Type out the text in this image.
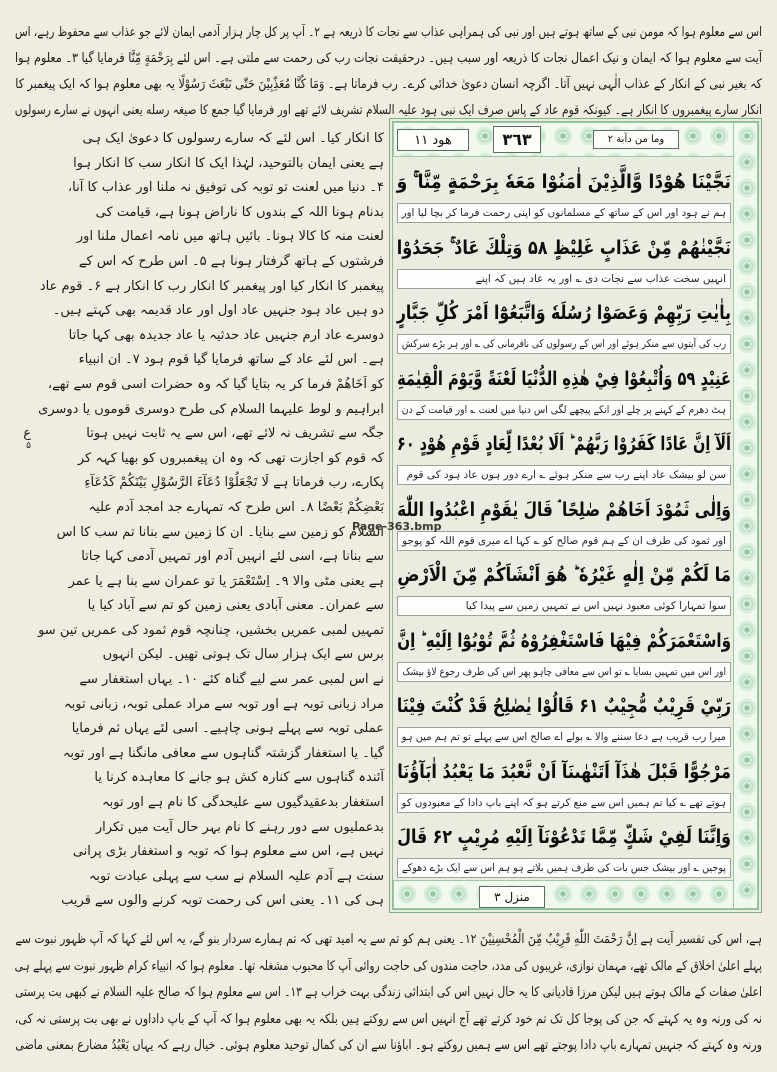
اس سے معلوم ہوا کہ مومن نبی کے ساتھ ہوتے ہیں اور نبی کی ہمراہی عذاب سے نجات کا ذریعہ ہے ۲۔ آپ پر کل چار ہزار آدمی ایمان لائے جو عذاب سے محفوظ رہے، اس
آیت سے معلوم ہوا کہ ایمان و نیک اعمال نجات کا ذریعہ اور سبب ہیں۔ درحقیقت نجات رب کی رحمت سے ملتی ہے۔ اس لئے بِرَحْمَةٍ مِّنَّا فرمایا گیا ۳۔ معلوم ہوا
کہ بغیر نبی کے انکار کے عذاب الٰہی نہیں آتا۔ اگرچہ انسان دعویٰ خدائی کرے۔ رب فرماتا ہے۔ وَمَا كُنَّا مُعَذِّبِيْنَ حَتّٰى نَبْعَثَ رَسُوْلًا یہ بھی معلوم ہوا کہ ایک پیغمبر کا
انکار سارے پیغمبروں کا انکار ہے۔ کیونکہ قوم عاد کے پاس صرف ایک نبی ہود علیہ السلام تشریف لائے تھے اور فرمایا گیا جمع کا صیغہ رسله یعنی انہوں نے سارے رسولوں
کا انکار کیا۔ اس لئے کہ سارے رسولوں کا دعویٰ ایک ہی
ہے یعنی ایمان بالتوحید، لہٰذا ایک کا انکار سب کا انکار ہوا
۴۔ دنیا میں لعنت تو توبہ کی توفیق نہ ملنا اور عذاب کا آنا،
بدنام ہونا اللہ کے بندوں کا ناراض ہونا ہے، قیامت کی
لعنت منہ کا کالا ہونا۔ بائیں ہاتھ میں نامہ اعمال ملنا اور
فرشتوں کے ہاتھ گرفتار ہونا ہے ۵۔ اس طرح کہ اس کے
پیغمبر کا انکار کیا اور پیغمبر کا انکار رب کا انکار ہے ۶۔ قوم عاد
دو ہیں عاد ہود جنہیں عاد اول اور عاد قدیمہ بھی کہتے ہیں۔
دوسرے عاد ارم جنہیں عاد حدثیہ یا عاد جدیدہ بھی کہا جاتا
ہے۔ اس لئے عاد کے ساتھ فرمایا گیا قوم ہود ۷۔ ان انبیاء
کو اَخَاهُمْ فرما کر یہ بتایا گیا کہ وہ حضرات اسی قوم سے تھے،
ابراہیم و لوط علیہما السلام کی طرح دوسری قوموں یا دوسری
جگہ سے تشریف نہ لائے تھے، اس سے یہ ثابت نہیں ہوتا
کہ قوم کو اجازت تھی کہ وہ ان پیغمبروں کو بھیا کہہ کر
پکارے، رب فرماتا ہے لَا تَجْعَلُوْا دُعَآءَ الرَّسُوْلِ بَيْنَكُمْ كَدُعَآءِ
بَعْضِكُمْ بَعْضًا ۸۔ اس طرح کہ تمہارے جد امجد آدم علیہ
السلام کو زمین سے بنایا۔ ان کا زمین سے بنانا تم سب کا اس
سے بنانا ہے، اسی لئے انہیں آدم اور تمہیں آدمی کہا جاتا
ہے یعنی مٹی والا ۹۔ اِسْتَعْمَرَ یا تو عمران سے بنا ہے یا عمر
سے عمران۔ معنی آبادی یعنی زمین کو تم سے آباد کیا یا
تمہیں لمبی عمریں بخشیں، چنانچہ قوم ثمود کی عمریں تین سو
برس سے ایک ہزار سال تک ہوتی تھیں۔ لیکن انہوں
نے اس لمبی عمر سے لیے گناہ کئے ۱۰۔ یہاں استغفار سے
مراد زبانی توبہ ہے اور توبہ سے مراد عملی توبہ، زبانی توبہ
عملی توبہ سے پہلے ہونی چاہیے۔ اسی لئے یہاں ثم فرمایا
گیا۔ یا استغفار گزشتہ گناہوں سے معافی مانگنا ہے اور توبہ
آئندہ گناہوں سے کنارہ کش ہو جانے کا معاہدہ کرنا یا
استغفار بدعقیدگیوں سے علیحدگی کا نام ہے اور توبہ
بدعملیوں سے دور رہنے کا نام بہر حال آیت میں تکرار
نہیں ہے، اس سے معلوم ہوا کہ توبہ و استغفار بڑی پرانی
سنت ہے آدم علیہ السلام نے سب سے پہلی عبادت توبہ
ہی کی ۱۱۔ یعنی اس کی رحمت توبہ کرنے والوں سے قریب
ع
۵
هود ۱۱	٣٦٣	وما من دآبة ۲
نَجَّيْنَا هُوْدًا وَّالَّذِيْنَ اٰمَنُوْا مَعَهٗ بِرَحْمَةٍ مِّنَّا ۚ وَ
ہم نے ہود اور اس کے ساتھ کے مسلمانوں کو اپنی رحمت فرما کر بچا لیا اور
نَجَّيْنٰهُمْ مِّنْ عَذَابٍ غَلِيْظٍ ۵۸ وَتِلْكَ عَادٌ ۚ جَحَدُوْا
انہیں سخت عذاب سے نجات دی ؎ اور یہ عاد ہیں کہ اپنے
بِاٰيٰتِ رَبِّهِمْ وَعَصَوْا رُسُلَهٗ وَاتَّبَعُوْٓا اَمْرَ كُلِّ جَبَّارٍ
رب کی آیتوں سے منکر ہوئے اور اس کے رسولوں کی نافرمانی کی ؎ اور ہر بڑے سرکش
عَنِيْدٍ ۵۹ وَاُتْبِعُوْا فِيْ هٰذِهِ الدُّنْيَا لَعْنَةً وَّيَوْمَ الْقِيٰمَةِ
ہٹ دھرم کے کہنے پر چلے اور انکے پیچھے لگی اس دنیا میں لعنت ؎ اور قیامت کے دن
اَلَآ اِنَّ عَادًا كَفَرُوْا رَبَّهُمْ ؕ اَلَا بُعْدًا لِّعَادٍ قَوْمِ هُوْدٍ ۶۰
سن لو بیشک عاد اپنے رب سے منکر ہوئے ؎ ارے دور ہوں عاد ہود کی قوم
وَاِلٰى ثَمُوْدَ اَخَاهُمْ صٰلِحًا ۘ قَالَ يٰقَوْمِ اعْبُدُوا اللّٰهَ
اور ثمود کی طرف ان کے ہم قوم صالح کو ؎ کہا اے میری قوم اللہ کو پوجو
مَا لَكُمْ مِّنْ اِلٰهٍ غَيْرُهٗ ؕ هُوَ اَنْشَاَكُمْ مِّنَ الْاَرْضِ
سوا تمہارا کوئی معبود نہیں اس نے تمہیں زمین سے پیدا کیا
وَاسْتَعْمَرَكُمْ فِيْهَا فَاسْتَغْفِرُوْهُ ثُمَّ تُوْبُوْٓا اِلَيْهِ ؕ اِنَّ
اور اس میں تمہیں بسایا ؎ تو اس سے معافی چاہو پھر اس کی طرف رجوع لاؤ بیشک
رَبِّيْ قَرِيْبٌ مُّجِيْبٌ ۶۱ قَالُوْا يٰصٰلِحُ قَدْ كُنْتَ فِيْنَا
میرا رب قریب ہے دعا سننے والا ؎ بولے اے صالح اس سے پہلے تو تم ہم میں ہو
مَرْجُوًّا قَبْلَ هٰذَآ اَتَنْهٰىنَآ اَنْ نَّعْبُدَ مَا يَعْبُدُ اٰبَآؤُنَا
ہوتے تھے ؎ کیا تم ہمیں اس سے منع کرتے ہو کہ اپنے باپ دادا کے معبودوں کو
وَاِنَّنَا لَفِيْ شَكٍّ مِّمَّا تَدْعُوْنَآ اِلَيْهِ مُرِيْبٍ ۶۲ قَالَ
پوجیں ؎ اور بیشک جس بات کی طرف ہمیں بلاتے ہو ہم اس سے ایک بڑے دھوکے
منزل ۳
Page-363.bmp
ہے، اس کی تفسیر آیت ہے اِنَّ رَحْمَتَ اللّٰهِ قَرِيْبٌ مِّنَ الْمُحْسِنِيْنَ ۱۲۔ یعنی ہم کو تم سے یہ امید تھی کہ تم ہمارے سردار بنو گے، یہ اس لئے کہا کہ آپ ظہور نبوت سے
پہلے اعلیٰ اخلاق کے مالک تھے، مہمان نوازی، غریبوں کی مدد، حاجت مندوں کی حاجت روائی آپ کا محبوب مشغلہ تھا۔ معلوم ہوا کہ انبیاء کرام ظہور نبوت سے پہلے ہی
اعلیٰ صفات کے مالک ہوتے ہیں لیکن مرزا قادیانی کا یہ حال نہیں اس کی ابتدائی زندگی بہت خراب ہے ۱۳۔ اس سے معلوم ہوا کہ صالح علیہ السلام نے کبھی بت پرستی
نہ کی ورنہ وہ یہ کہتے کہ جن کی پوجا کل تک تم خود کرتے تھے آج انہیں اس سے روکتے ہیں بلکہ یہ بھی معلوم ہوا کہ آپ کے باپ داداوں نے بھی بت پرستی نہ کی،
ورنہ وہ کہتے کہ جنہیں تمہارے باپ دادا پوجتے تھے اس سے ہمیں روکتے ہو۔ اباؤنا سے ان کی کمال توحید معلوم ہوئی۔ خیال رہے کہ یہاں يَعْبُدُ مضارع بمعنی ماضی
